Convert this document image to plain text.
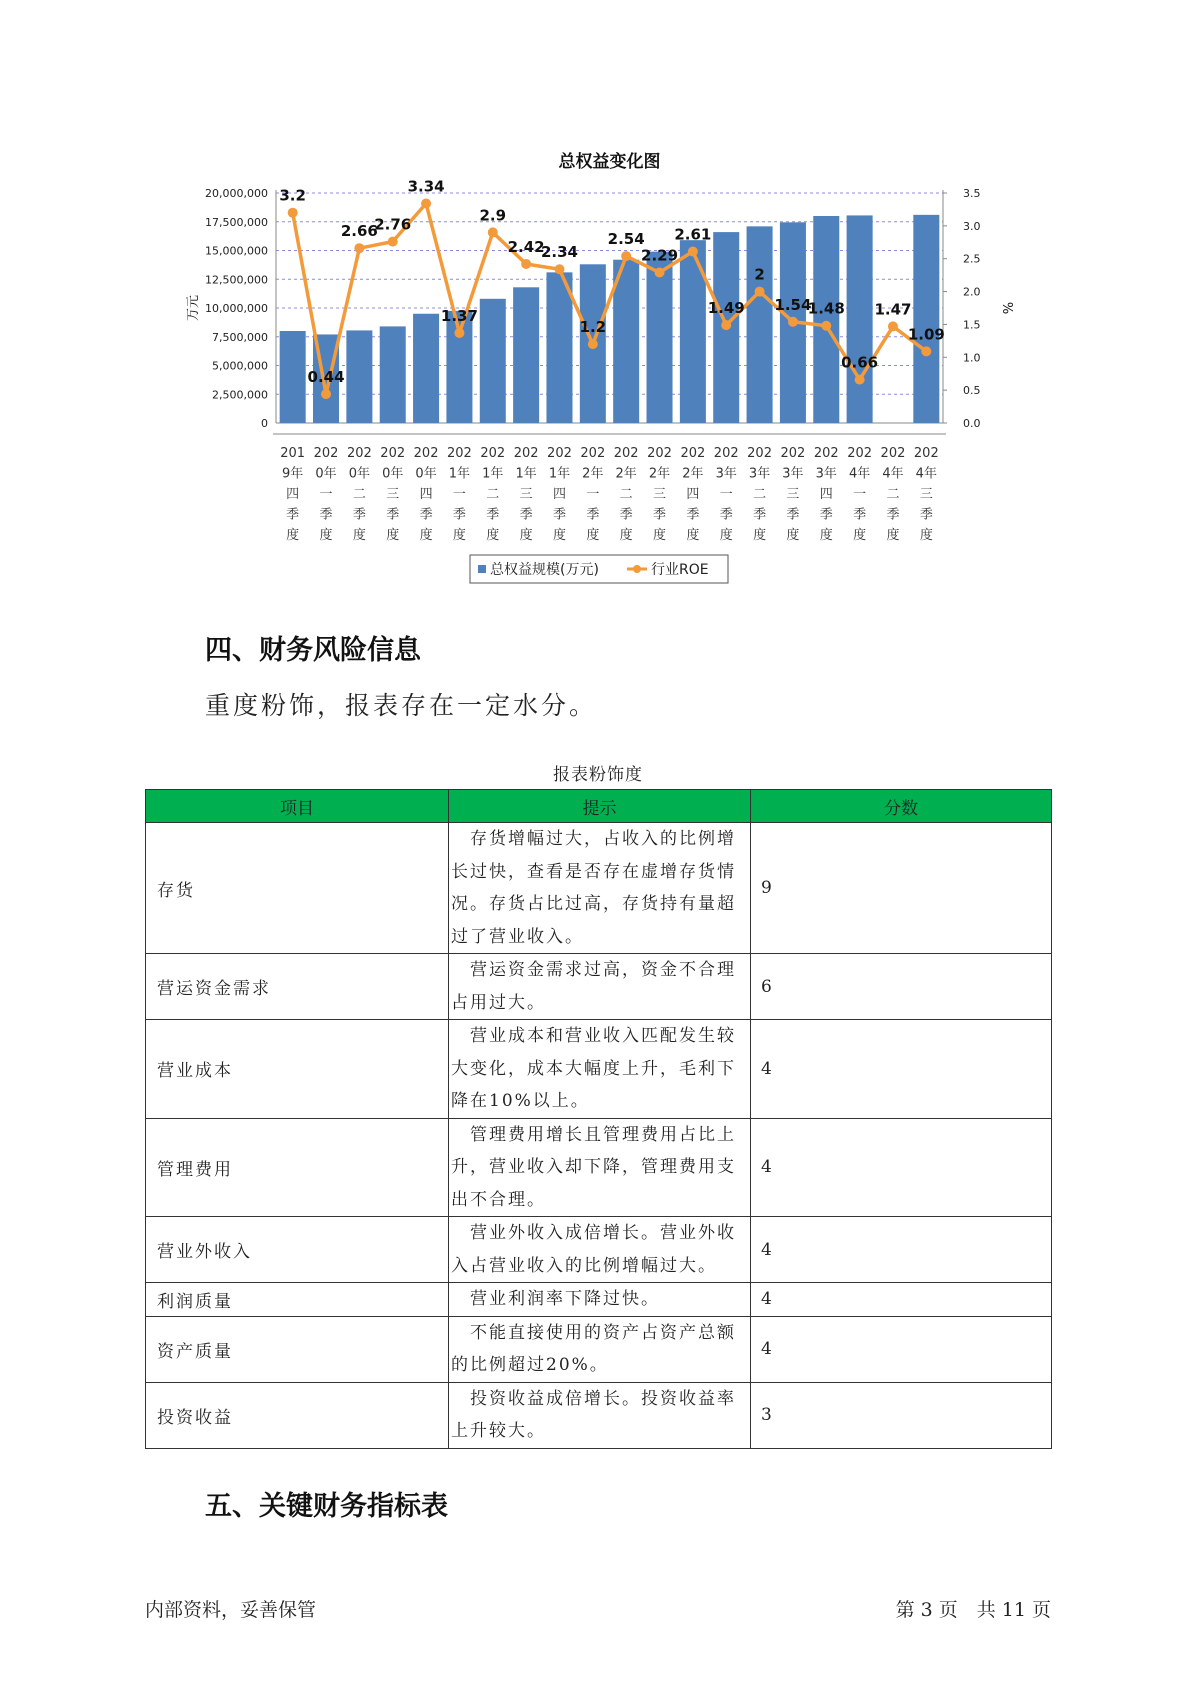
总权益变化图
0
2,500,000
5,000,000
7,500,000
10,000,000
12,500,000
15,000,000
17,500,000
20,000,000
0.0
0.5
1.0
1.5
2.0
2.5
3.0
3.5
万元	%
3.2
0.44
2.66
2.76
3.34
1.37
2.9
2.42
2.34
1.2
2.54
2.29
2.61
1.49
2
1.54
1.48
0.66
1.47
1.09
201 9年四季度
202 0年一季度
202 0年二季度
202 0年三季度
202 0年四季度
202 1年一季度
202 1年二季度
202 1年三季度
202 1年四季度
202 2年一季度
202 2年二季度
202 2年三季度
202 2年四季度
202 3年一季度
202 3年二季度
202 3年三季度
202 3年四季度
202 4年一季度
202 4年二季度
202 4年三季度
总权益规模(万元)	行业ROE
四、财务风险信息

重度粉饰，报表存在一定水分。

报表粉饰度
项目	提示	分数
存货	　存货增幅过大，占收入的比例增长过快，查看是否存在虚增存货情况。存货占比过高，存货持有量超过了营业收入。	9
营运资金需求	　营运资金需求过高，资金不合理占用过大。	6
营业成本	　营业成本和营业收入匹配发生较大变化，成本大幅度上升，毛利下降在10%以上。	4
管理费用	　管理费用增长且管理费用占比上升，营业收入却下降，管理费用支出不合理。	4
营业外收入	　营业外收入成倍增长。营业外收入占营业收入的比例增幅过大。	4
利润质量	　营业利润率下降过快。	4
资产质量	　不能直接使用的资产占资产总额的比例超过20%。	4
投资收益	　投资收益成倍增长。投资收益率上升较大。	3
五、关键财务指标表
内部资料，妥善保管	第 3 页　共 11 页
